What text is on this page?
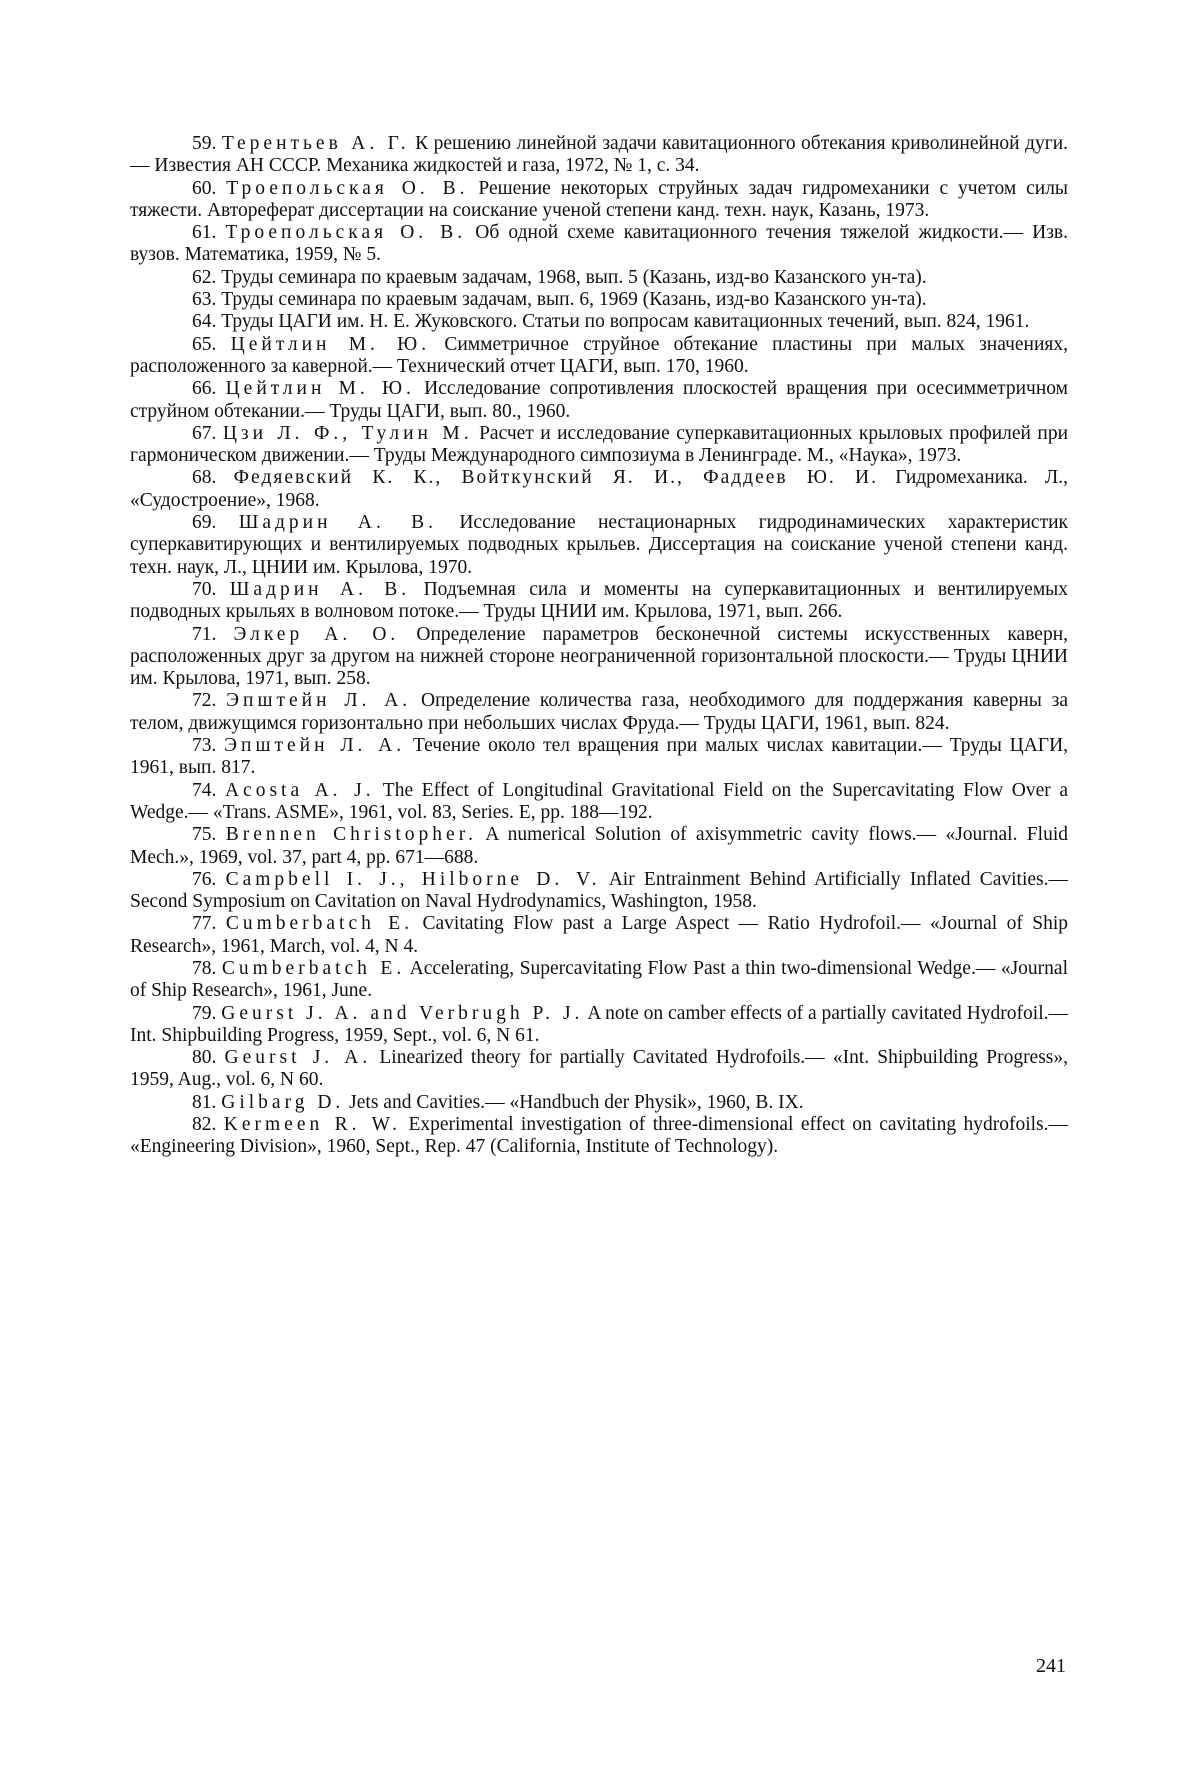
59. Терентьев А. Г. К решению линейной задачи кавитационного обтекания криволинейной дуги.— Известия АН СССР. Механика жидкостей и газа, 1972, № 1, с. 34.

60. Троепольская О. В. Решение некоторых струйных задач гидромеханики с учетом силы тяжести. Автореферат диссертации на соискание ученой степени канд. техн. наук, Казань, 1973.

61. Троепольская О. В. Об одной схеме кавитационного течения тяжелой жидкости.— Изв. вузов. Математика, 1959, № 5.

62. Труды семинара по краевым задачам, 1968, вып. 5 (Казань, изд-во Казанского ун-та).

63. Труды семинара по краевым задачам, вып. 6, 1969 (Казань, изд-во Казанского ун-та).

64. Труды ЦАГИ им. Н. Е. Жуковского. Статьи по вопросам кавитационных течений, вып. 824, 1961.

65. Цейтлин М. Ю. Симметричное струйное обтекание пластины при малых значениях, расположенного за каверной.— Технический отчет ЦАГИ, вып. 170, 1960.

66. Цейтлин М. Ю. Исследование сопротивления плоскостей вращения при осесимметричном струйном обтекании.— Труды ЦАГИ, вып. 80., 1960.

67. Цзи Л. Ф., Тулин М. Расчет и исследование суперкавитационных крыловых профилей при гармоническом движении.— Труды Международного симпозиума в Ленинграде. М., «Наука», 1973.

68. Федяевский К. К., Войткунский Я. И., Фаддеев Ю. И. Гидромеханика. Л., «Судостроение», 1968.

69. Шадрин А. В. Исследование нестационарных гидродинамических характеристик суперкавитирующих и вентилируемых подводных крыльев. Диссертация на соискание ученой степени канд. техн. наук, Л., ЦНИИ им. Крылова, 1970.

70. Шадрин А. В. Подъемная сила и моменты на суперкавитационных и вентилируемых подводных крыльях в волновом потоке.— Труды ЦНИИ им. Крылова, 1971, вып. 266.

71. Элкер А. О. Определение параметров бесконечной системы искусственных каверн, расположенных друг за другом на нижней стороне неограниченной горизонтальной плоскости.— Труды ЦНИИ им. Крылова, 1971, вып. 258.

72. Эпштейн Л. А. Определение количества газа, необходимого для поддержания каверны за телом, движущимся горизонтально при небольших числах Фруда.— Труды ЦАГИ, 1961, вып. 824.

73. Эпштейн Л. А. Течение около тел вращения при малых числах кавитации.— Труды ЦАГИ, 1961, вып. 817.

74. Acosta A. J. The Effect of Longitudinal Gravitational Field on the Supercavitating Flow Over a Wedge.— «Trans. ASME», 1961, vol. 83, Series. E, pp. 188—192.

75. Brennen Christopher. A numerical Solution of axisymmetric cavity flows.— «Journal. Fluid Mech.», 1969, vol. 37, part 4, pp. 671—688.

76. Campbell I. J., Hilborne D. V. Air Entrainment Behind Artificially Inflated Cavities.— Second Symposium on Cavitation on Naval Hydrodynamics, Washington, 1958.

77. Cumberbatch E. Cavitating Flow past a Large Aspect — Ratio Hydrofoil.— «Journal of Ship Research», 1961, March, vol. 4, N 4.

78. Cumberbatch E. Accelerating, Supercavitating Flow Past a thin two-dimensional Wedge.— «Journal of Ship Research», 1961, June.

79. Geurst J. A. and Verbrugh P. J. A note on camber effects of a partially cavitated Hydrofoil.— Int. Shipbuilding Progress, 1959, Sept., vol. 6, N 61.

80. Geurst J. A. Linearized theory for partially Cavitated Hydrofoils.— «Int. Shipbuilding Progress», 1959, Aug., vol. 6, N 60.

81. Gilbarg D. Jets and Cavities.— «Handbuch der Physik», 1960, B. IX.

82. Kermeen R. W. Experimental investigation of three-dimensional effect on cavitating hydrofoils.— «Engineering Division», 1960, Sept., Rep. 47 (California, Institute of Technology).

241
